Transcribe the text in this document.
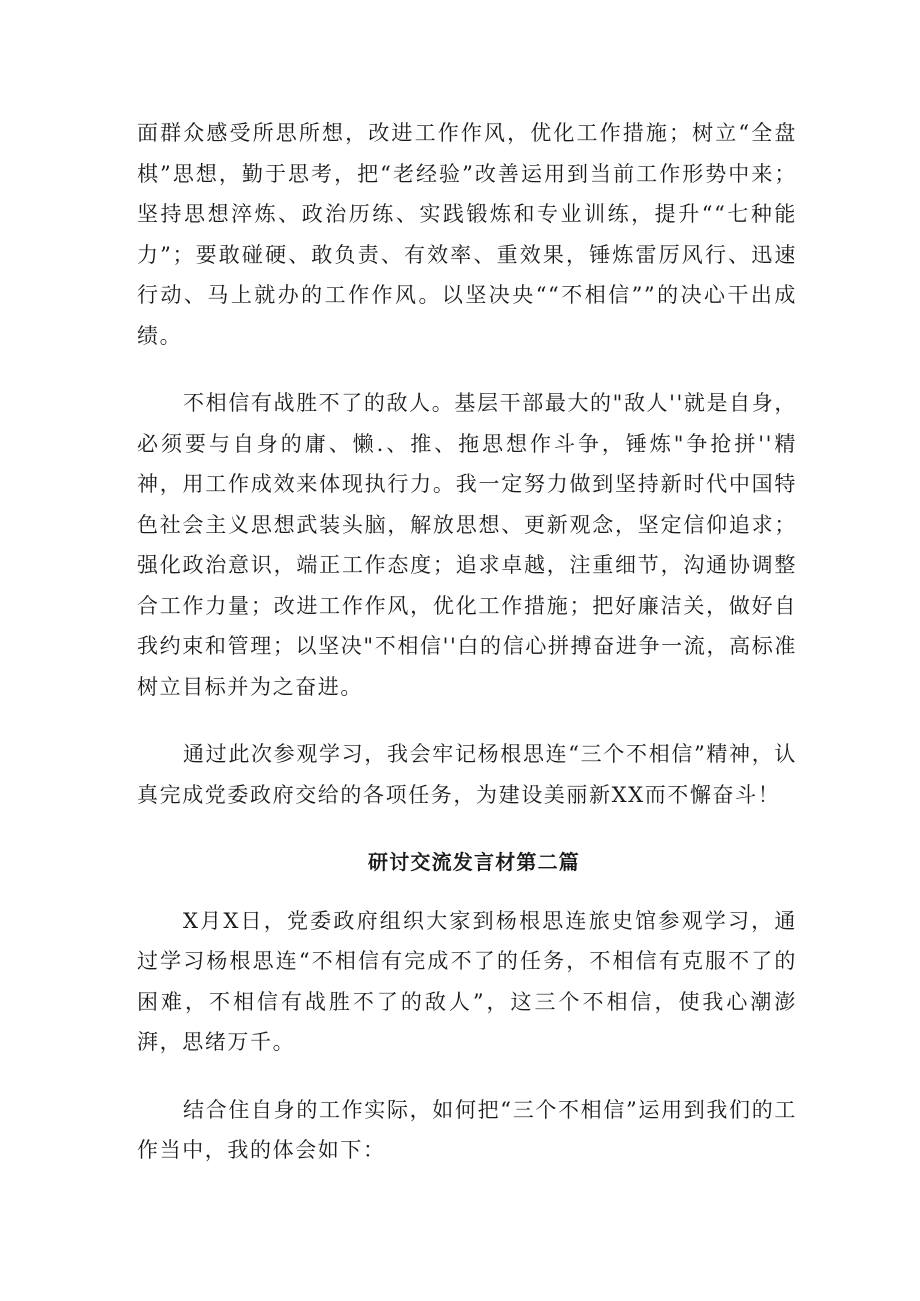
面群众感受所思所想，改进工作作风，优化工作措施；树立“全盘棋”思想，勤于思考，把“老经验”改善运用到当前工作形势中来；坚持思想淬炼、政治历练、实践锻炼和专业训练，提升““七种能力”；要敢碰硬、敢负责、有效率、重效果，锤炼雷厉风行、迅速行动、马上就办的工作作风。以坚决央““不相信””的决心干出成绩。

不相信有战胜不了的敌人。基层干部最大的"敌人''就是自身，必须要与自身的庸、懒.、推、拖思想作斗争，锤炼"争抢拼''精神，用工作成效来体现执行力。我一定努力做到坚持新时代中国特色社会主义思想武装头脑，解放思想、更新观念，坚定信仰追求；强化政治意识，端正工作态度；追求卓越，注重细节，沟通协调整合工作力量；改进工作作风，优化工作措施；把好廉洁关，做好自我约束和管理；以坚决"不相信''白的信心拼搏奋进争一流，高标准树立目标并为之奋进。

通过此次参观学习，我会牢记杨根思连“三个不相信”精神，认真完成党委政府交给的各项任务，为建设美丽新XX而不懈奋斗！

研讨交流发言材第二篇

X月X日，党委政府组织大家到杨根思连旅史馆参观学习，通过学习杨根思连“不相信有完成不了的任务，不相信有克服不了的困难，不相信有战胜不了的敌人”，这三个不相信，使我心潮澎湃，思绪万千。

结合住自身的工作实际，如何把“三个不相信”运用到我们的工作当中，我的体会如下：
